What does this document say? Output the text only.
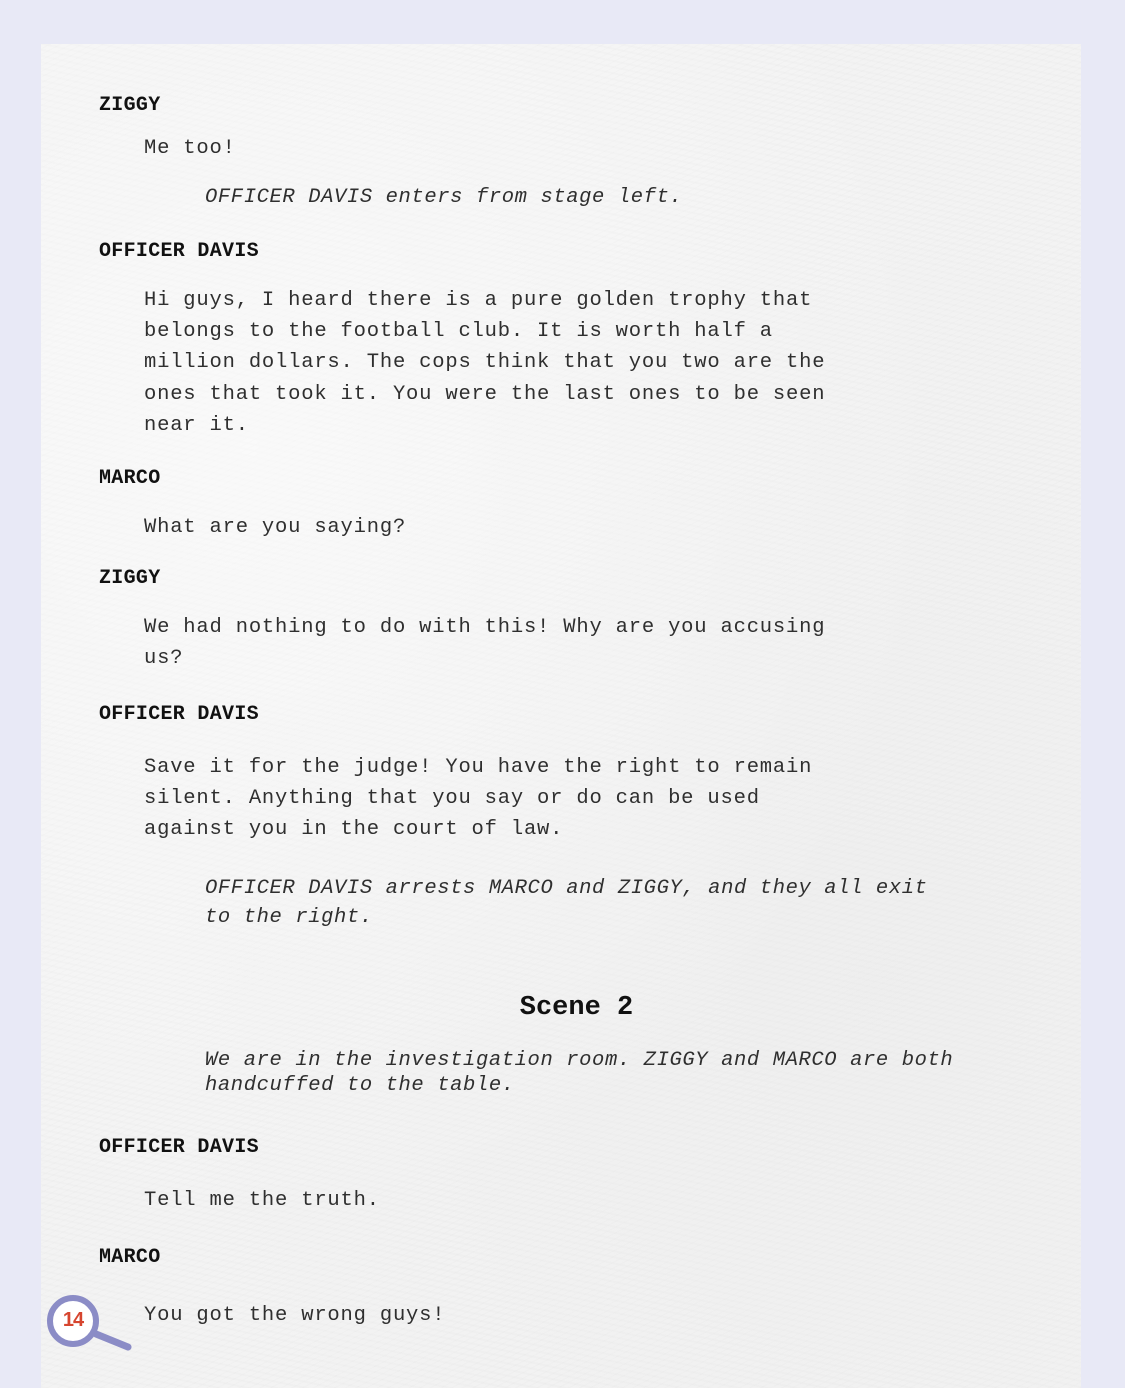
ZIGGY

Me too!
OFFICER DAVIS enters from stage left.

OFFICER DAVIS

Hi guys, I heard there is a pure golden trophy that
belongs to the football club. It is worth half a
million dollars. The cops think that you two are the
ones that took it. You were the last ones to be seen
near it.

MARCO

What are you saying?

ZIGGY

We had nothing to do with this! Why are you accusing
us?

OFFICER DAVIS

Save it for the judge! You have the right to remain
silent. Anything that you say or do can be used
against you in the court of law.
OFFICER DAVIS arrests MARCO and ZIGGY, and they all exit
to the right.

Scene 2

We are in the investigation room. ZIGGY and MARCO are both
handcuffed to the table.

OFFICER DAVIS

Tell me the truth.

MARCO

You got the wrong guys!
14
